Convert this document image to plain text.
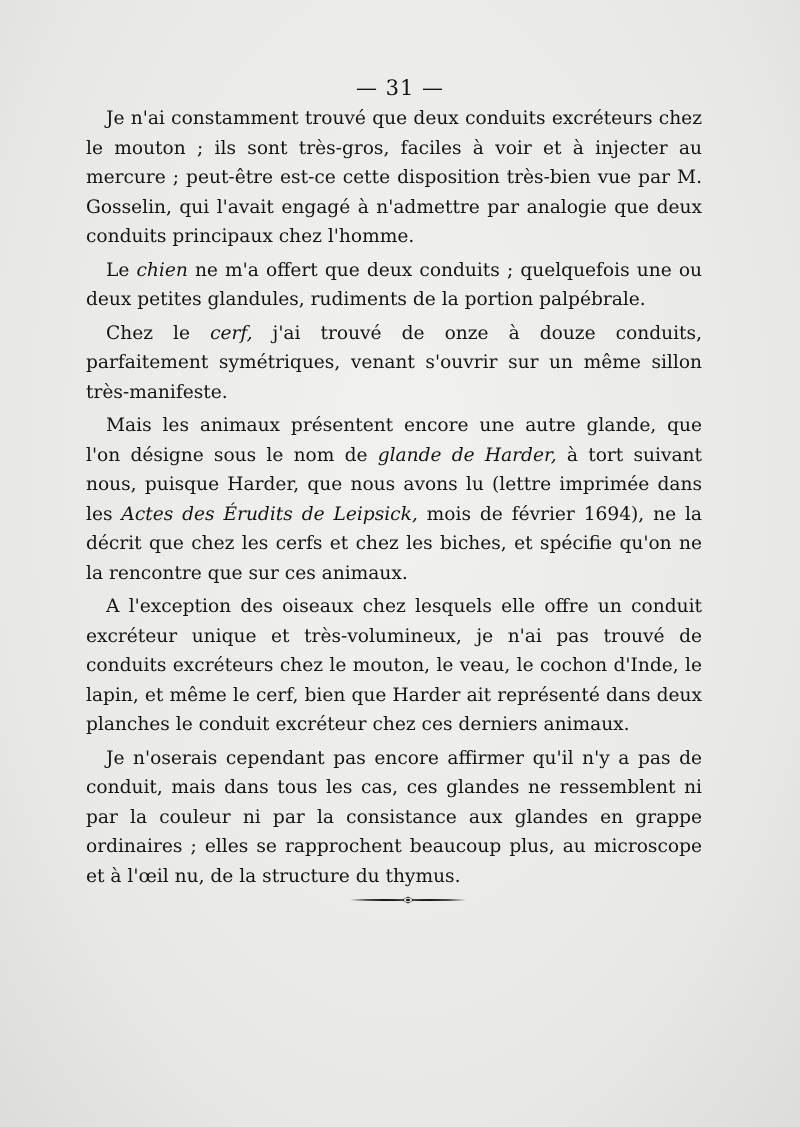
— 31 —

Je n'ai constamment trouvé que deux conduits excréteurs chez le mouton ; ils sont très-gros, faciles à voir et à injecter au mercure ; peut-être est-ce cette disposition très-bien vue par M. Gosselin, qui l'avait engagé à n'admettre par analogie que deux conduits principaux chez l'homme.

Le chien ne m'a offert que deux conduits ; quelquefois une ou deux petites glandules, rudiments de la portion palpébrale.

Chez le cerf, j'ai trouvé de onze à douze conduits, parfaitement symétriques, venant s'ouvrir sur un même sillon très-manifeste.

Mais les animaux présentent encore une autre glande, que l'on désigne sous le nom de glande de Harder, à tort suivant nous, puisque Harder, que nous avons lu (lettre imprimée dans les Actes des Érudits de Leipsick, mois de février 1694), ne la décrit que chez les cerfs et chez les biches, et spécifie qu'on ne la rencontre que sur ces animaux.

A l'exception des oiseaux chez lesquels elle offre un conduit excréteur unique et très-volumineux, je n'ai pas trouvé de conduits excréteurs chez le mouton, le veau, le cochon d'Inde, le lapin, et même le cerf, bien que Harder ait représenté dans deux planches le conduit excréteur chez ces derniers animaux.

Je n'oserais cependant pas encore affirmer qu'il n'y a pas de conduit, mais dans tous les cas, ces glandes ne ressemblent ni par la couleur ni par la consistance aux glandes en grappe ordinaires ; elles se rapprochent beaucoup plus, au microscope et à l'œil nu, de la structure du thymus.
